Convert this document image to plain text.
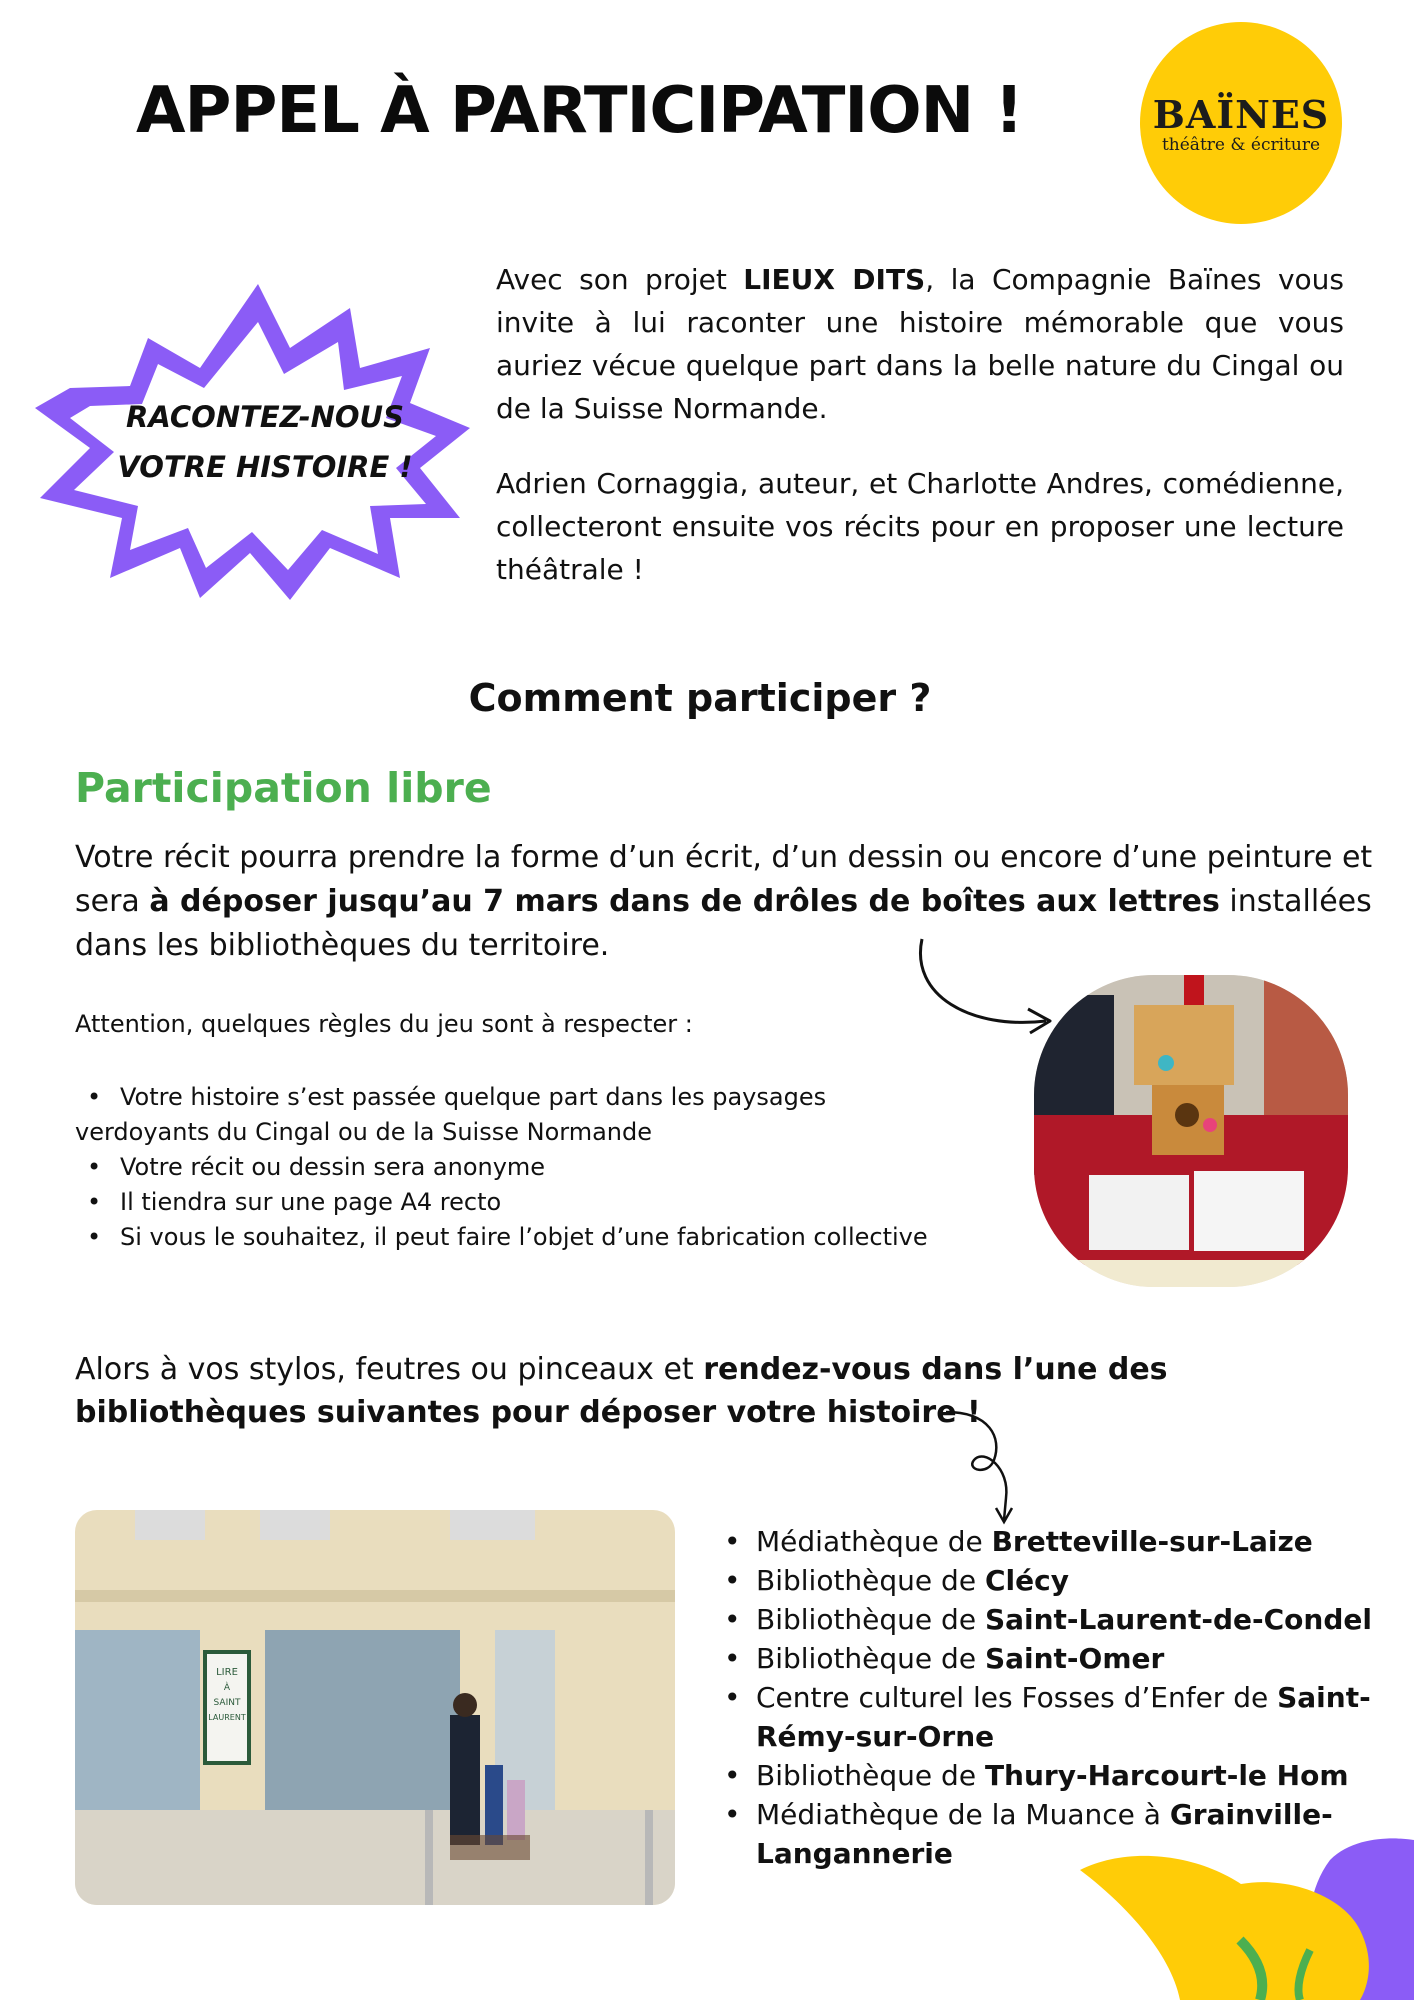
APPEL À PARTICIPATION !	BAÏNES
théâtre & écriture
RACONTEZ-NOUS
VOTRE HISTOIRE !

Avec son projet LIEUX DITS, la Compagnie Baïnes vous invite à lui raconter une histoire mémorable que vous auriez vécue quelque part dans la belle nature du Cingal ou de la Suisse Normande.

Adrien Cornaggia, auteur, et Charlotte Andres, comédienne, collecteront ensuite vos récits pour en proposer une lecture théâtrale !

Comment participer ?
Participation libre
Votre récit pourra prendre la forme d’un écrit, d’un dessin ou encore d’une peinture et sera à déposer jusqu’au 7 mars dans de drôles de boîtes aux lettres installées dans les bibliothèques du territoire.
Attention, quelques règles du jeu sont à respecter :
• Votre histoire s’est passée quelque part dans les paysages
verdoyants du Cingal ou de la Suisse Normande
• Votre récit ou dessin sera anonyme
• Il tiendra sur une page A4 recto
• Si vous le souhaitez, il peut faire l’objet d’une fabrication collective
Alors à vos stylos, feutres ou pinceaux et rendez-vous dans l’une des bibliothèques suivantes pour déposer votre histoire !
LIRE
À
SAINT
LAURENT
• Médiathèque de Bretteville-sur-Laize
• Bibliothèque de Clécy
• Bibliothèque de Saint-Laurent-de-Condel
• Bibliothèque de Saint-Omer
• Centre culturel les Fosses d’Enfer de Saint-Rémy-sur-Orne
• Bibliothèque de Thury-Harcourt-le Hom
• Médiathèque de la Muance à Grainville-Langannerie
